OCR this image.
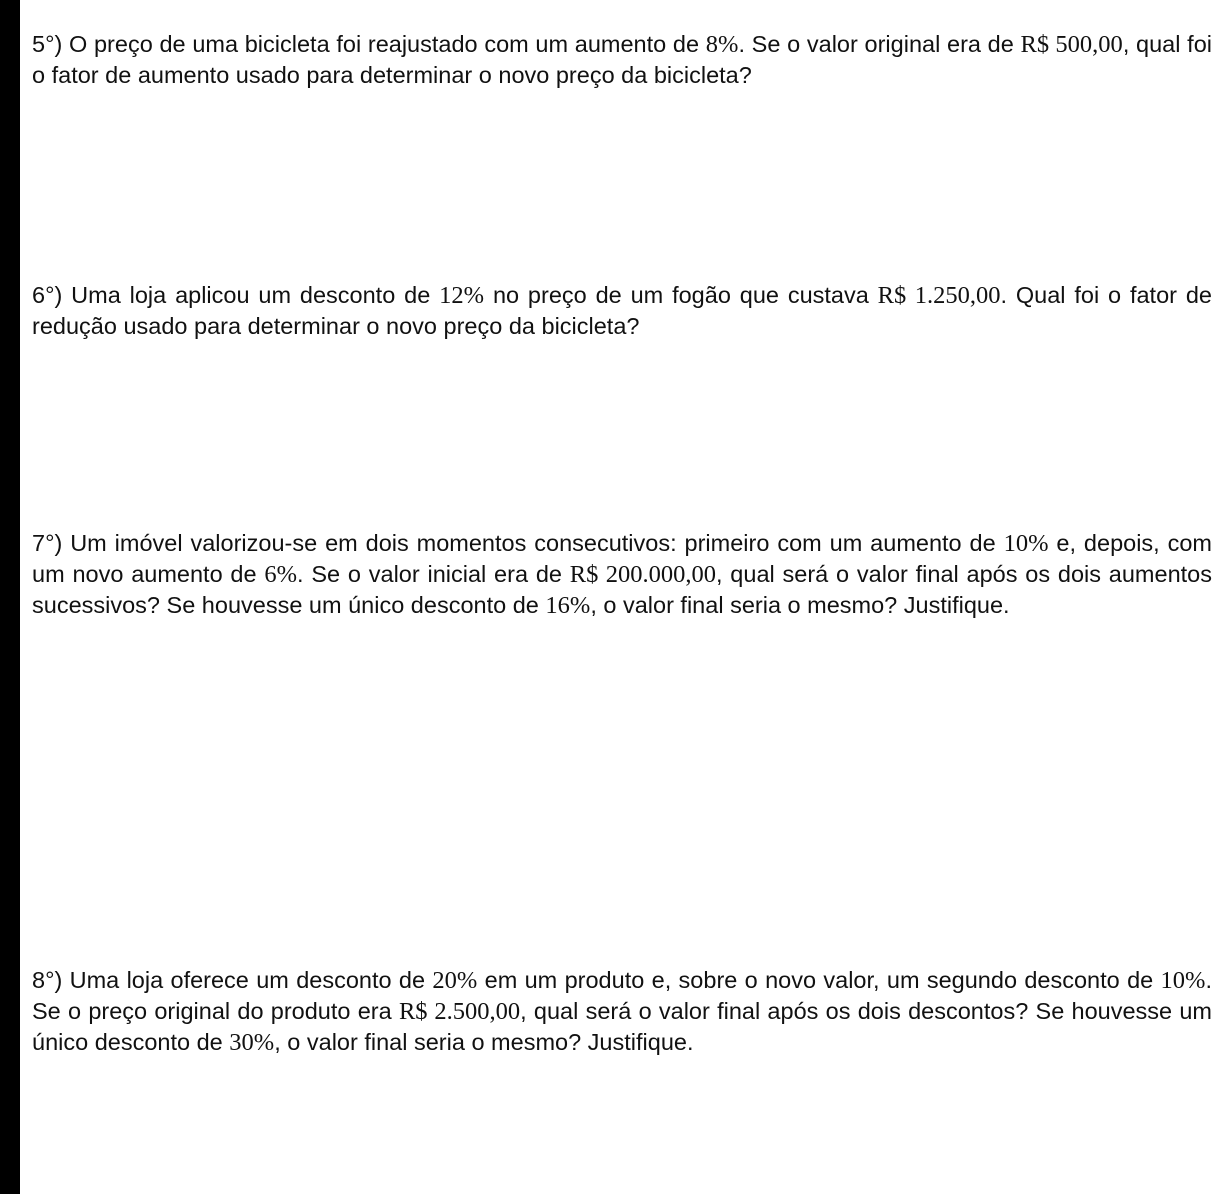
5°) O preço de uma bicicleta foi reajustado com um aumento de 8%. Se o valor original era de R$ 500,00, qual foi o fator de aumento usado para determinar o novo preço da bicicleta?

6°) Uma loja aplicou um desconto de 12% no preço de um fogão que custava R$ 1.250,00. Qual foi o fator de redução usado para determinar o novo preço da bicicleta?

7°) Um imóvel valorizou-se em dois momentos consecutivos: primeiro com um aumento de 10% e, depois, com um novo aumento de 6%. Se o valor inicial era de R$ 200.000,00, qual será o valor final após os dois aumentos sucessivos? Se houvesse um único desconto de 16%, o valor final seria o mesmo? Justifique.

8°) Uma loja oferece um desconto de 20% em um produto e, sobre o novo valor, um segundo desconto de 10%. Se o preço original do produto era R$ 2.500,00, qual será o valor final após os dois descontos? Se houvesse um único desconto de 30%, o valor final seria o mesmo? Justifique.
